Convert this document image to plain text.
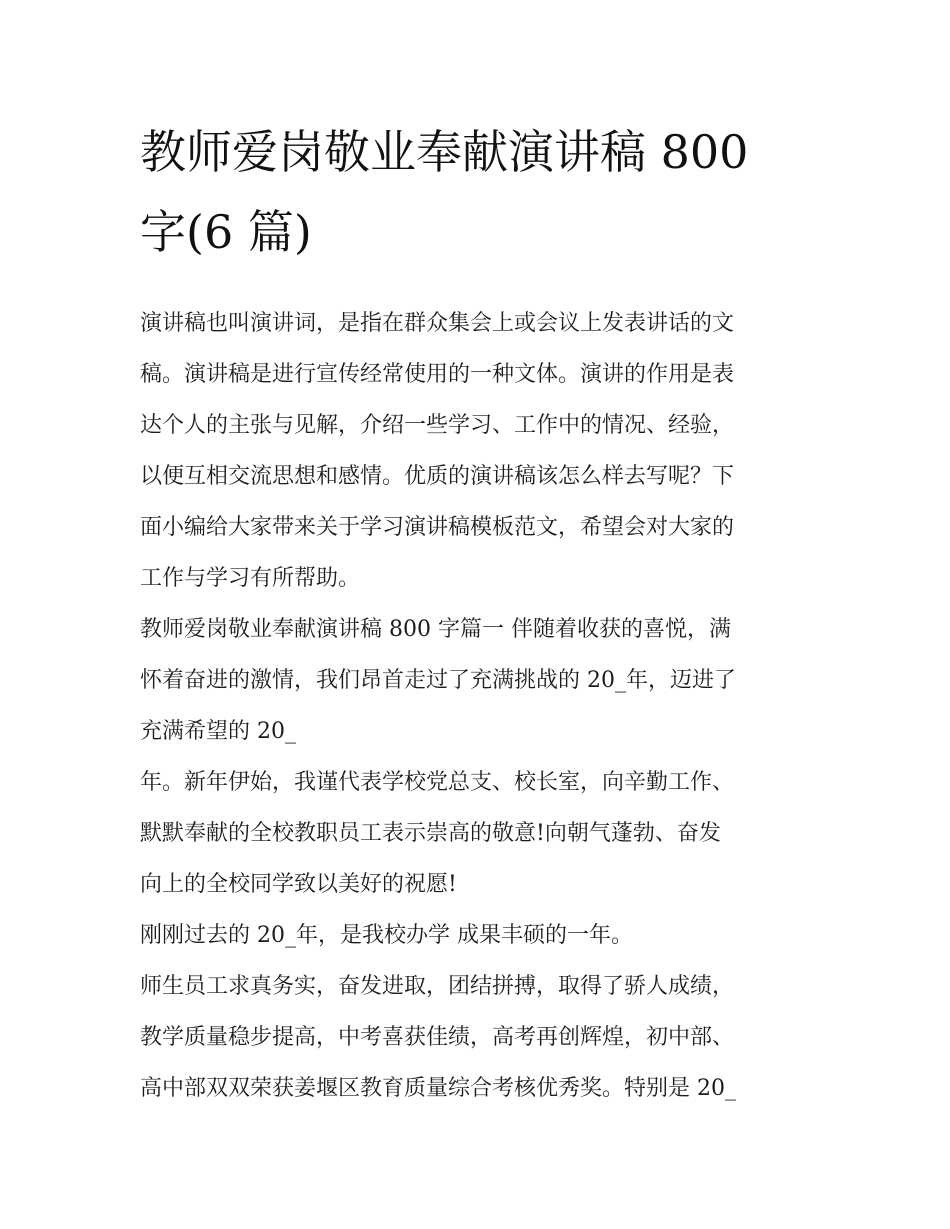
教师爱岗敬业奉献演讲稿 800
字(6 篇)

演讲稿也叫演讲词，是指在群众集会上或会议上发表讲话的文
稿。演讲稿是进行宣传经常使用的一种文体。演讲的作用是表
达个人的主张与见解，介绍一些学习、工作中的情况、经验，
以便互相交流思想和感情。优质的演讲稿该怎么样去写呢？下
面小编给大家带来关于学习演讲稿模板范文，希望会对大家的
工作与学习有所帮助。

教师爱岗敬业奉献演讲稿 800 字篇一 伴随着收获的喜悦，满
怀着奋进的激情，我们昂首走过了充满挑战的 20_年，迈进了
充满希望的 20_

年。新年伊始，我谨代表学校党总支、校长室，向辛勤工作、
默默奉献的全校教职员工表示崇高的敬意!向朝气蓬勃、奋发
向上的全校同学致以美好的祝愿!

刚刚过去的 20_年，是我校办学 成果丰硕的一年。

师生员工求真务实，奋发进取，团结拼搏，取得了骄人成绩，
教学质量稳步提高，中考喜获佳绩，高考再创辉煌，初中部、
高中部双双荣获姜堰区教育质量综合考核优秀奖。特别是 20_
